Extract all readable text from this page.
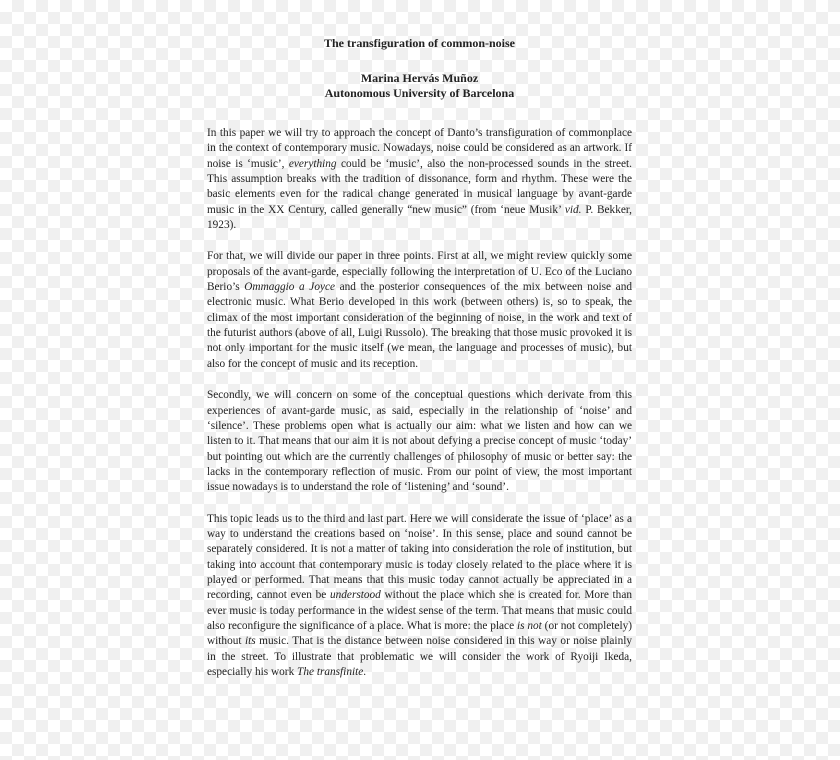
The transfiguration of common-noise
Marina Hervás Muñoz
Autonomous University of Barcelona

In this paper we will try to approach the concept of Danto’s transfiguration of commonplace in the context of contemporary music. Nowadays, noise could be considered as an artwork. If noise is ‘music’, everything could be ‘music’, also the non-processed sounds in the street. This assumption breaks with the tradition of dissonance, form and rhythm. These were the basic elements even for the radical change generated in musical language by avant-garde music in the XX Century, called generally “new music” (from ‘neue Musik’ vid. P. Bekker, 1923).

For that, we will divide our paper in three points. First at all, we might review quickly some proposals of the avant-garde, especially following the interpretation of U. Eco of the Luciano Berio’s Ommaggio a Joyce and the posterior consequences of the mix between noise and electronic music. What Berio developed in this work (between others) is, so to speak, the climax of the most important consideration of the beginning of noise, in the work and text of the futurist authors (above of all, Luigi Russolo). The breaking that those music provoked it is not only important for the music itself (we mean, the language and processes of music), but also for the concept of music and its reception.

Secondly, we will concern on some of the conceptual questions which derivate from this experiences of avant-garde music, as said, especially in the relationship of ‘noise’ and ‘silence’. These problems open what is actually our aim: what we listen and how can we listen to it. That means that our aim it is not about defying a precise concept of music ‘today’ but pointing out which are the currently challenges of philosophy of music or better say: the lacks in the contemporary reflection of music. From our point of view, the most important issue nowadays is to understand the role of ‘listening’ and ‘sound’.

This topic leads us to the third and last part. Here we will considerate the issue of ‘place’ as a way to understand the creations based on ‘noise’. In this sense, place and sound cannot be separately considered. It is not a matter of taking into consideration the role of institution, but taking into account that contemporary music is today closely related to the place where it is played or performed. That means that this music today cannot actually be appreciated in a recording, cannot even be understood without the place which she is created for. More than ever music is today performance in the widest sense of the term. That means that music could also reconfigure the significance of a place. What is more: the place is not (or not completely) without its music. That is the distance between noise considered in this way or noise plainly in the street. To illustrate that problematic we will consider the work of Ryoiji Ikeda, especially his work The transfinite.
